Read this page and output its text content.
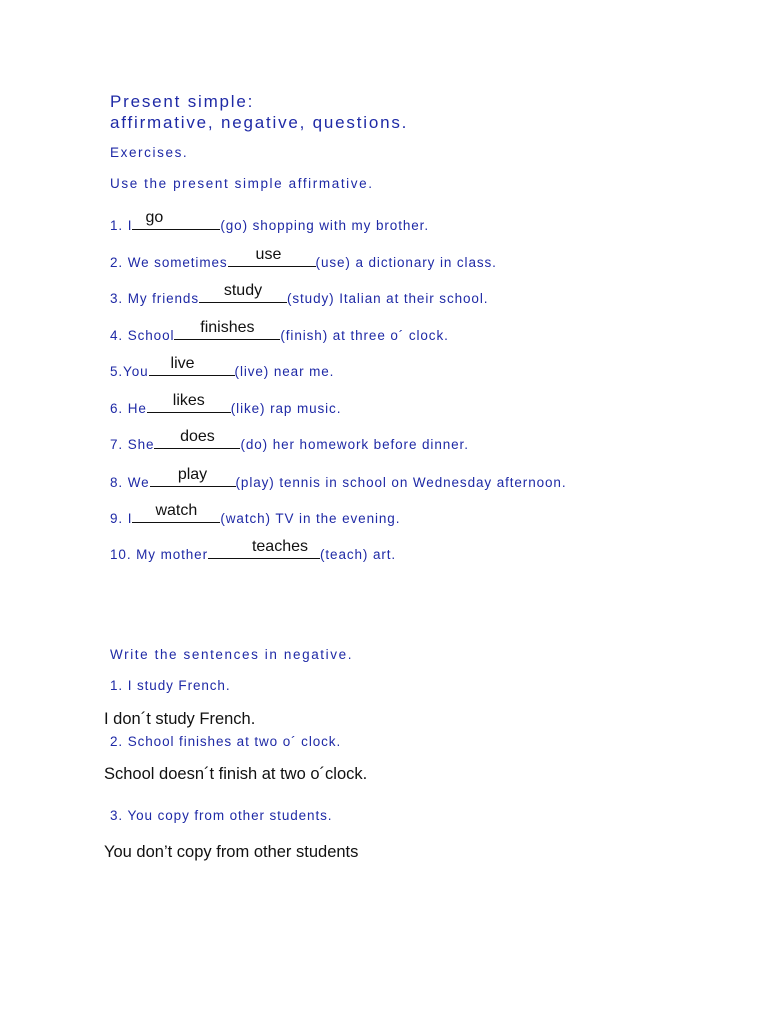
Present simple:
affirmative, negative, questions.
Exercises.
Use the present simple affirmative.
1. I go	(go) shopping with my brother.
2. We sometimes use	(use) a dictionary in class.
3. My friends	study	(study) Italian at their school.
4. School	finishes	(finish) at three o´ clock.
5.You	live	(live) near me.
6. He	likes	(like) rap music.
7. She	does	(do) her homework before dinner.
8. We	play	(play) tennis in school on Wednesday afternoon.
9. I	watch	(watch) TV in the evening.
10. My mother	teaches (teach) art.
Write the sentences in negative.
1. I study French.
I don´t study French.
2. School finishes at two o´ clock.
School doesn´t finish at two o´clock.
3. You copy from other students.
You don’t copy from other students
